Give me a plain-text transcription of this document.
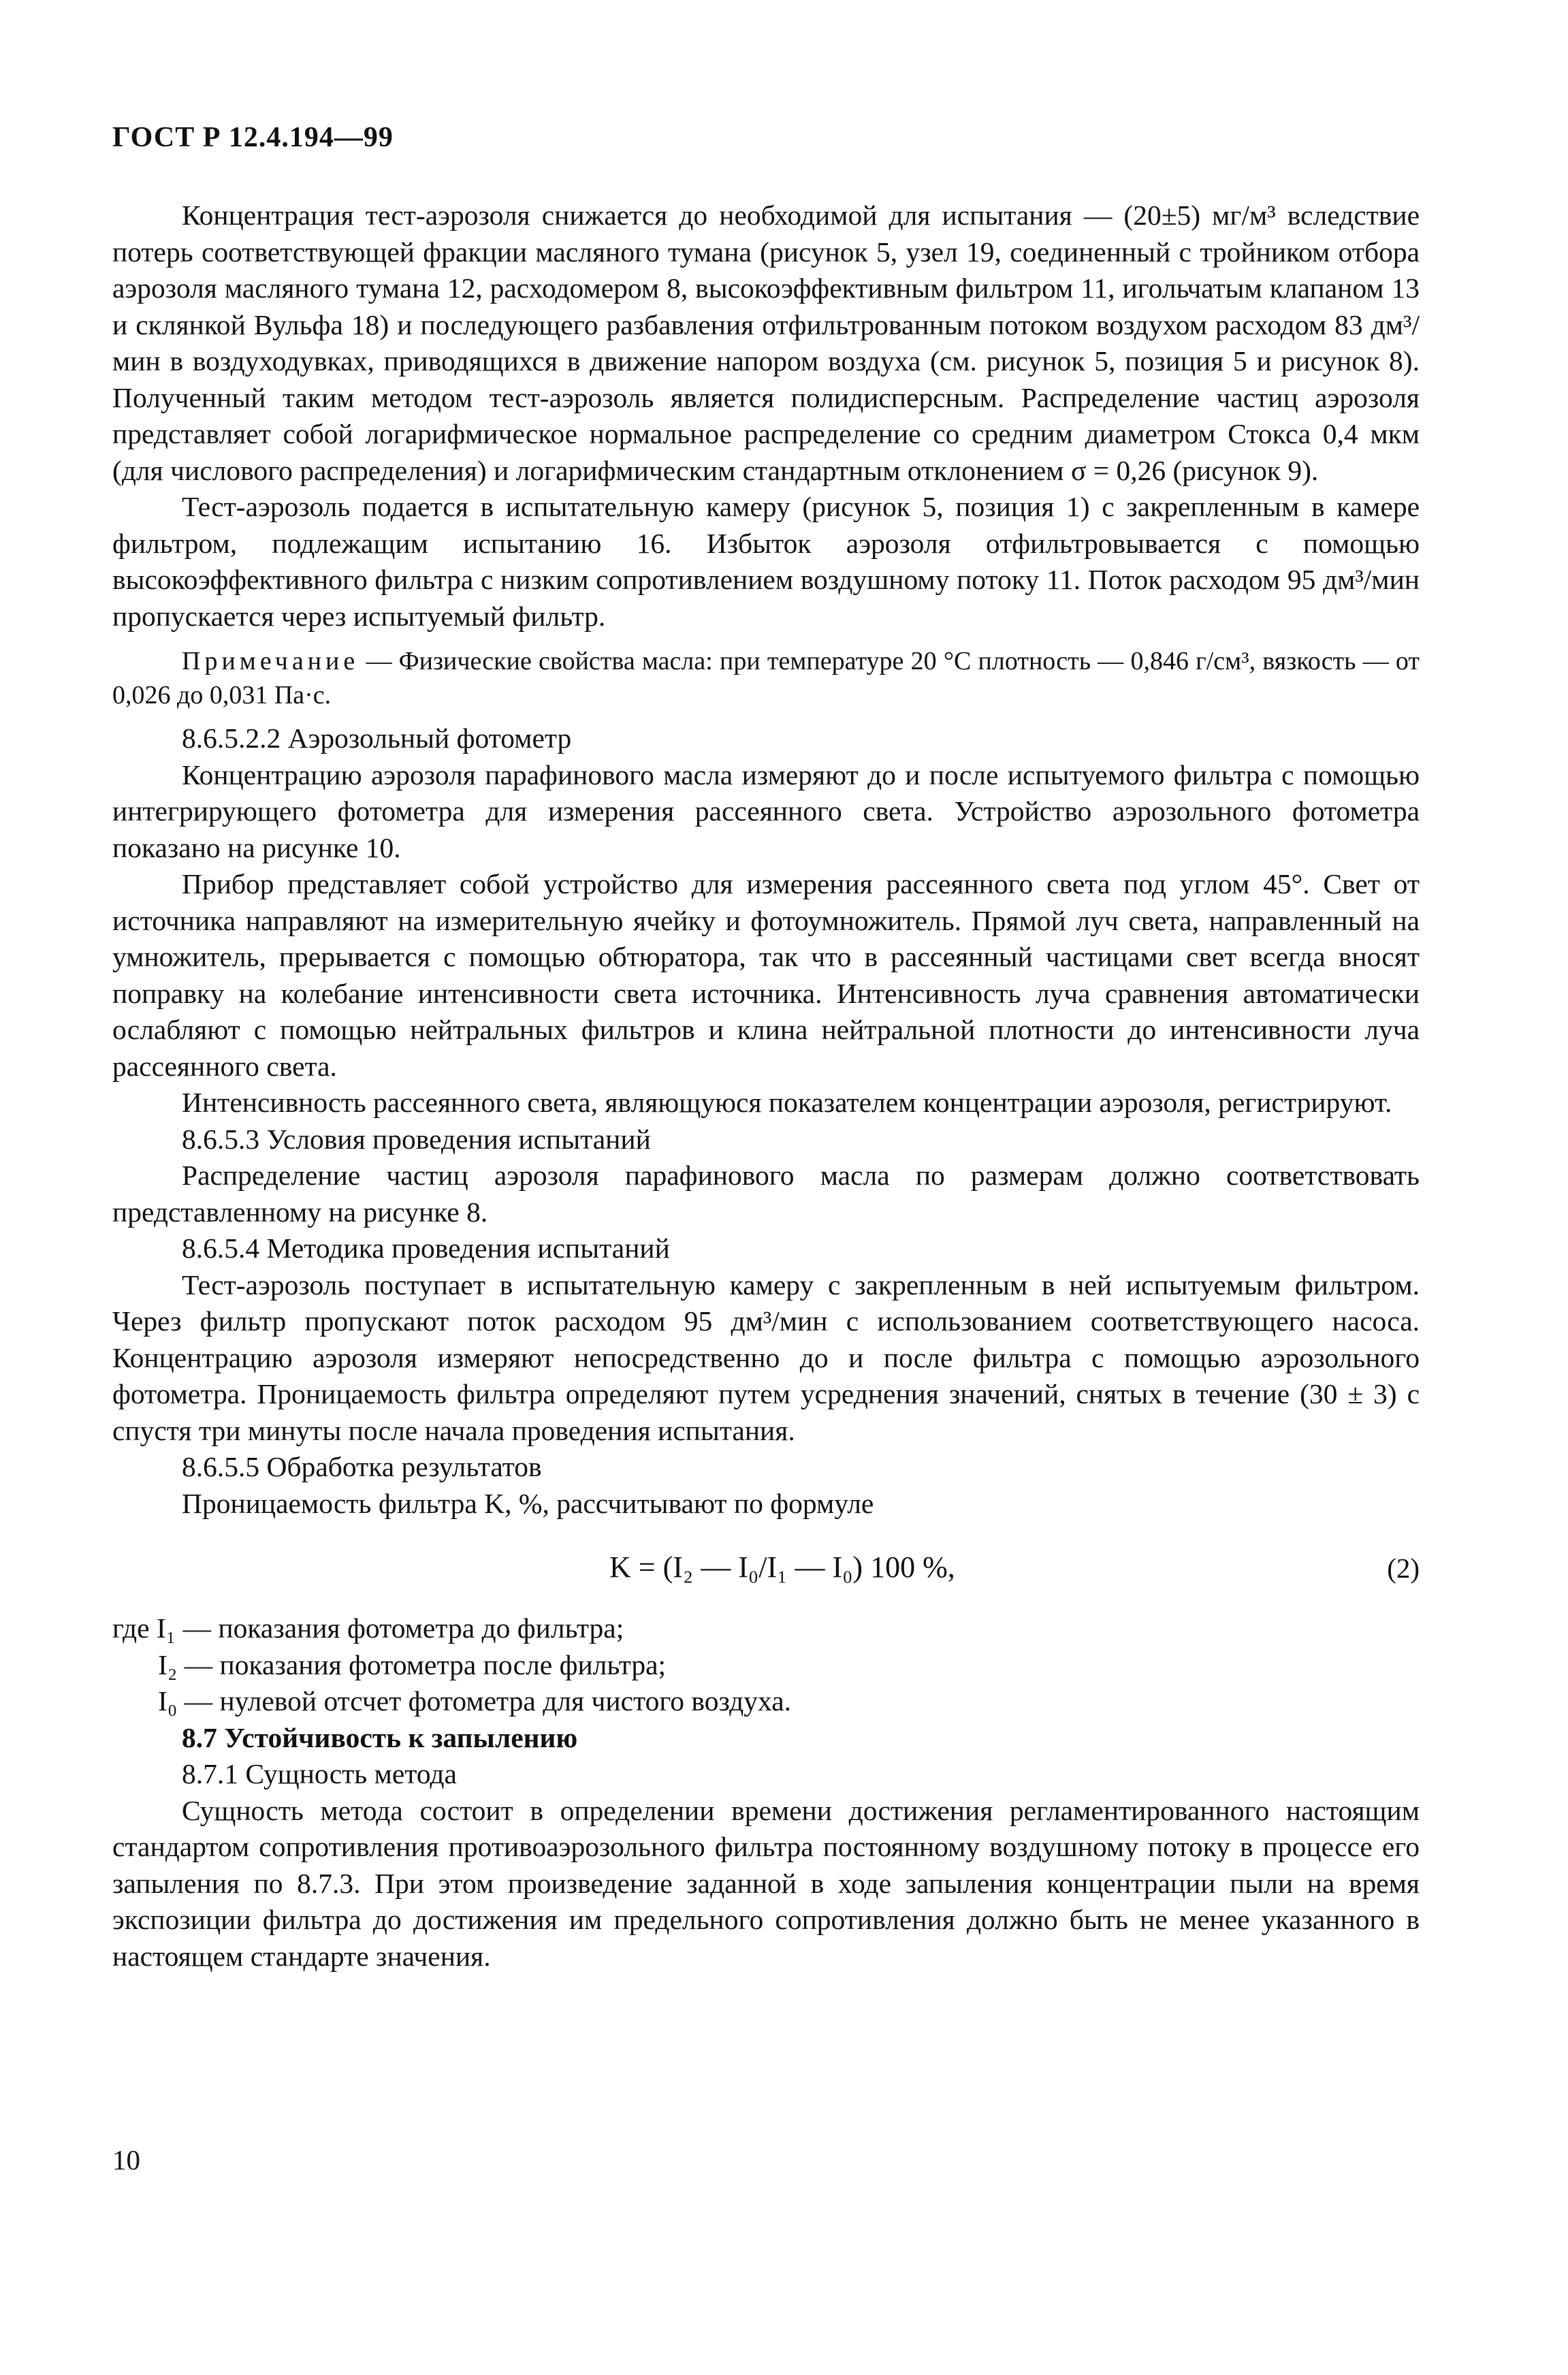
ГОСТ Р 12.4.194—99

Концентрация тест-аэрозоля снижается до необходимой для испытания — (20±5) мг/м³ вследствие потерь соответствующей фракции масляного тумана (рисунок 5, узел 19, соединенный с тройником отбора аэрозоля масляного тумана 12, расходомером 8, высокоэффективным фильтром 11, игольчатым клапаном 13 и склянкой Вульфа 18) и последующего разбавления отфильтрованным потоком воздухом расходом 83 дм³/мин в воздуходувках, приводящихся в движение напором воздуха (см. рисунок 5, позиция 5 и рисунок 8). Полученный таким методом тест-аэрозоль является полидисперсным. Распределение частиц аэрозоля представляет собой логарифмическое нормальное распределение со средним диаметром Стокса 0,4 мкм (для числового распределения) и логарифмическим стандартным отклонением σ = 0,26 (рисунок 9).

Тест-аэрозоль подается в испытательную камеру (рисунок 5, позиция 1) с закрепленным в камере фильтром, подлежащим испытанию 16. Избыток аэрозоля отфильтровывается с помощью высокоэффективного фильтра с низким сопротивлением воздушному потоку 11. Поток расходом 95 дм³/мин пропускается через испытуемый фильтр.

Примечание — Физические свойства масла: при температуре 20 °С плотность — 0,846 г/см³, вязкость — от 0,026 до 0,031 Па·с.

8.6.5.2.2 Аэрозольный фотометр

Концентрацию аэрозоля парафинового масла измеряют до и после испытуемого фильтра с помощью интегрирующего фотометра для измерения рассеянного света. Устройство аэрозольного фотометра показано на рисунке 10.

Прибор представляет собой устройство для измерения рассеянного света под углом 45°. Свет от источника направляют на измерительную ячейку и фотоумножитель. Прямой луч света, направленный на умножитель, прерывается с помощью обтюратора, так что в рассеянный частицами свет всегда вносят поправку на колебание интенсивности света источника. Интенсивность луча сравнения автоматически ослабляют с помощью нейтральных фильтров и клина нейтральной плотности до интенсивности луча рассеянного света.

Интенсивность рассеянного света, являющуюся показателем концентрации аэрозоля, регистрируют.

8.6.5.3 Условия проведения испытаний

Распределение частиц аэрозоля парафинового масла по размерам должно соответствовать представленному на рисунке 8.

8.6.5.4 Методика проведения испытаний

Тест-аэрозоль поступает в испытательную камеру с закрепленным в ней испытуемым фильтром. Через фильтр пропускают поток расходом 95 дм³/мин с использованием соответствующего насоса. Концентрацию аэрозоля измеряют непосредственно до и после фильтра с помощью аэрозольного фотометра. Проницаемость фильтра определяют путем усреднения значений, снятых в течение (30 ± 3) с спустя три минуты после начала проведения испытания.

8.6.5.5 Обработка результатов

Проницаемость фильтра K, %, рассчитывают по формуле

K = (I₂ — I₀/I₁ — I₀) 100 %,	(2)

где I₁ — показания фотометра до фильтра;

I₂ — показания фотометра после фильтра;

I₀ — нулевой отсчет фотометра для чистого воздуха.

8.7 Устойчивость к запылению

8.7.1 Сущность метода

Сущность метода состоит в определении времени достижения регламентированного настоящим стандартом сопротивления противоаэрозольного фильтра постоянному воздушному потоку в процессе его запыления по 8.7.3. При этом произведение заданной в ходе запыления концентрации пыли на время экспозиции фильтра до достижения им предельного сопротивления должно быть не менее указанного в настоящем стандарте значения.

10
